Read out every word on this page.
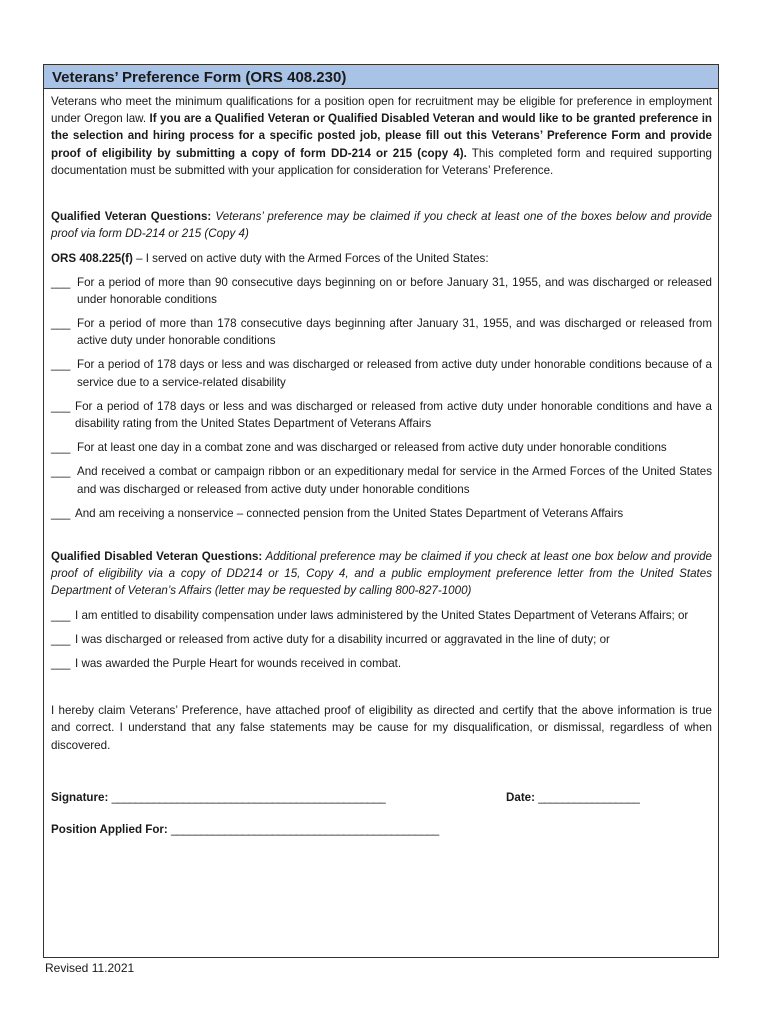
Veterans’ Preference Form (ORS 408.230)

Veterans who meet the minimum qualifications for a position open for recruitment may be eligible for preference in employment under Oregon law. If you are a Qualified Veteran or Qualified Disabled Veteran and would like to be granted preference in the selection and hiring process for a specific posted job, please fill out this Veterans’ Preference Form and provide proof of eligibility by submitting a copy of form DD-214 or 215 (copy 4). This completed form and required supporting documentation must be submitted with your application for consideration for Veterans’ Preference.

Qualified Veteran Questions: Veterans’ preference may be claimed if you check at least one of the boxes below and provide proof via form DD-214 or 215 (Copy 4)

ORS 408.225(f) – I served on active duty with the Armed Forces of the United States:

___ For a period of more than 90 consecutive days beginning on or before January 31, 1955, and was discharged or released under honorable conditions
___ For a period of more than 178 consecutive days beginning after January 31, 1955, and was discharged or released from active duty under honorable conditions
___ For a period of 178 days or less and was discharged or released from active duty under honorable conditions because of a service due to a service-related disability
___ For a period of 178 days or less and was discharged or released from active duty under honorable conditions and have a disability rating from the United States Department of Veterans Affairs
___ For at least one day in a combat zone and was discharged or released from active duty under honorable conditions
___ And received a combat or campaign ribbon or an expeditionary medal for service in the Armed Forces of the United States and was discharged or released from active duty under honorable conditions
___ And am receiving a nonservice – connected pension from the United States Department of Veterans Affairs

Qualified Disabled Veteran Questions: Additional preference may be claimed if you check at least one box below and provide proof of eligibility via a copy of DD214 or 15, Copy 4, and a public employment preference letter from the United States Department of Veteran’s Affairs (letter may be requested by calling 800-827-1000)

___ I am entitled to disability compensation under laws administered by the United States Department of Veterans Affairs; or
___ I was discharged or released from active duty for a disability incurred or aggravated in the line of duty; or
___ I was awarded the Purple Heart for wounds received in combat.

I hereby claim Veterans’ Preference, have attached proof of eligibility as directed and certify that the above information is true and correct. I understand that any false statements may be cause for my disqualification, or dismissal, regardless of when discovered.

Signature: ______________________________________________	Date: _________________
Position Applied For: _____________________________________________
Revised 11.2021
